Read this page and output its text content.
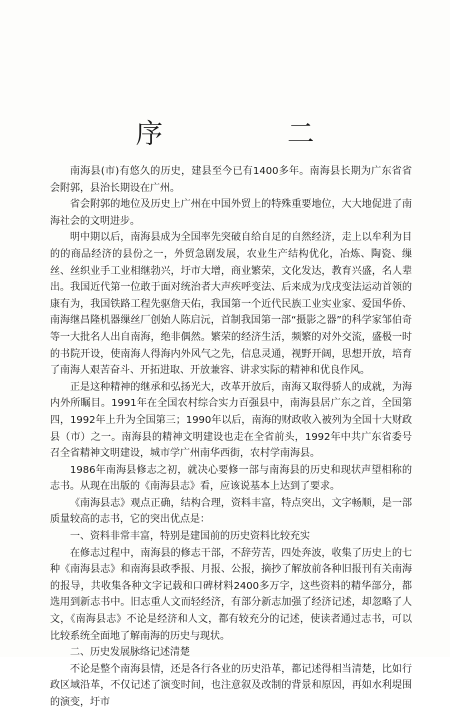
序 二

南海县(市)有悠久的历史，建县至今已有1400多年。南海县长期为广东省省会附郭，县治长期设在广州。

省会附郭的地位及历史上广州在中国外贸上的特殊重要地位，大大地促进了南海社会的文明进步。

明中期以后，南海县成为全国率先突破自给自足的自然经济，走上以牟利为目的的商品经济的县份之一，外贸急剧发展，农业生产结构优化，冶炼、陶瓷、缫丝、丝织业手工业相继勃兴，圩市大增，商业繁荣，文化发达，教育兴盛，名人辈出。我国近代第一位敢于面对统治者大声疾呼变法、后来成为戊戌变法运动首领的康有为，我国铁路工程先驱詹天佑，我国第一个近代民族工业实业家、爱国华侨、南海继昌隆机器缫丝厂创始人陈启沅，首制我国第一部“摄影之器”的科学家邹伯奇等一大批名人出自南海，绝非偶然。繁荣的经济生活，频繁的对外交流，盛极一时的书院开设，使南海人得海内外风气之先，信息灵通，视野开阔，思想开放，培育了南海人艰苦奋斗、开拓进取、开放兼容、讲求实际的精神和优良作风。

正是这种精神的继承和弘扬光大，改革开放后，南海又取得骄人的成就，为海内外所瞩目。1991年在全国农村综合实力百强县中，南海县居广东之首，全国第四，1992年上升为全国第三；1990年以后，南海的财政收入被列为全国十大财政县（市）之一。南海县的精神文明建设也走在全省前头，1992年中共广东省委号召全省精神文明建设，城市学广州南华西街，农村学南海县。

1986年南海县修志之初，就决心要修一部与南海县的历史和现状声望相称的志书。从现在出版的《南海县志》看，应该说基本上达到了要求。

《南海县志》观点正确，结构合理，资料丰富，特点突出，文字畅顺，是一部质量较高的志书，它的突出优点是：

一、资料非常丰富，特别是建国前的历史资料比较充实

在修志过程中，南海县的修志干部，不辞劳苦，四处奔波，收集了历史上的七种《南海县志》和南海县政季报、月报、公报，摘抄了解放前各种旧报刊有关南海的报导，共收集各种文字记载和口碑材料2400多万字，这些资料的精华部分，都选用到新志书中。旧志重人文而轻经济，有部分新志加强了经济记述，却忽略了人文，《南海县志》不论是经济和人文，都有较充分的记述，使读者通过志书，可以比较系统全面地了解南海的历史与现状。

二、历史发展脉络记述清楚

不论是整个南海县情，还是各行各业的历史沿革，都记述得相当清楚，比如行政区域沿革，不仅记述了演变时间，也注意叙及改制的背景和原因，再如水利堤围的演变，圩市
